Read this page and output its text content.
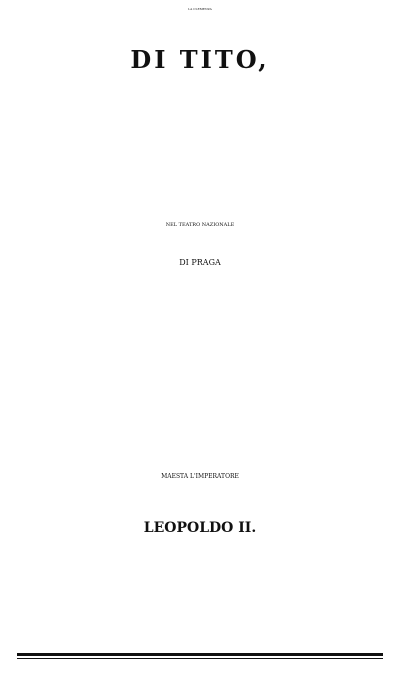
LA CLEMENZA
DI TITO,
NEL TEATRO NAZIONALE
DI PRAGA
MAESTA L'IMPERATORE
LEOPOLDO II.
